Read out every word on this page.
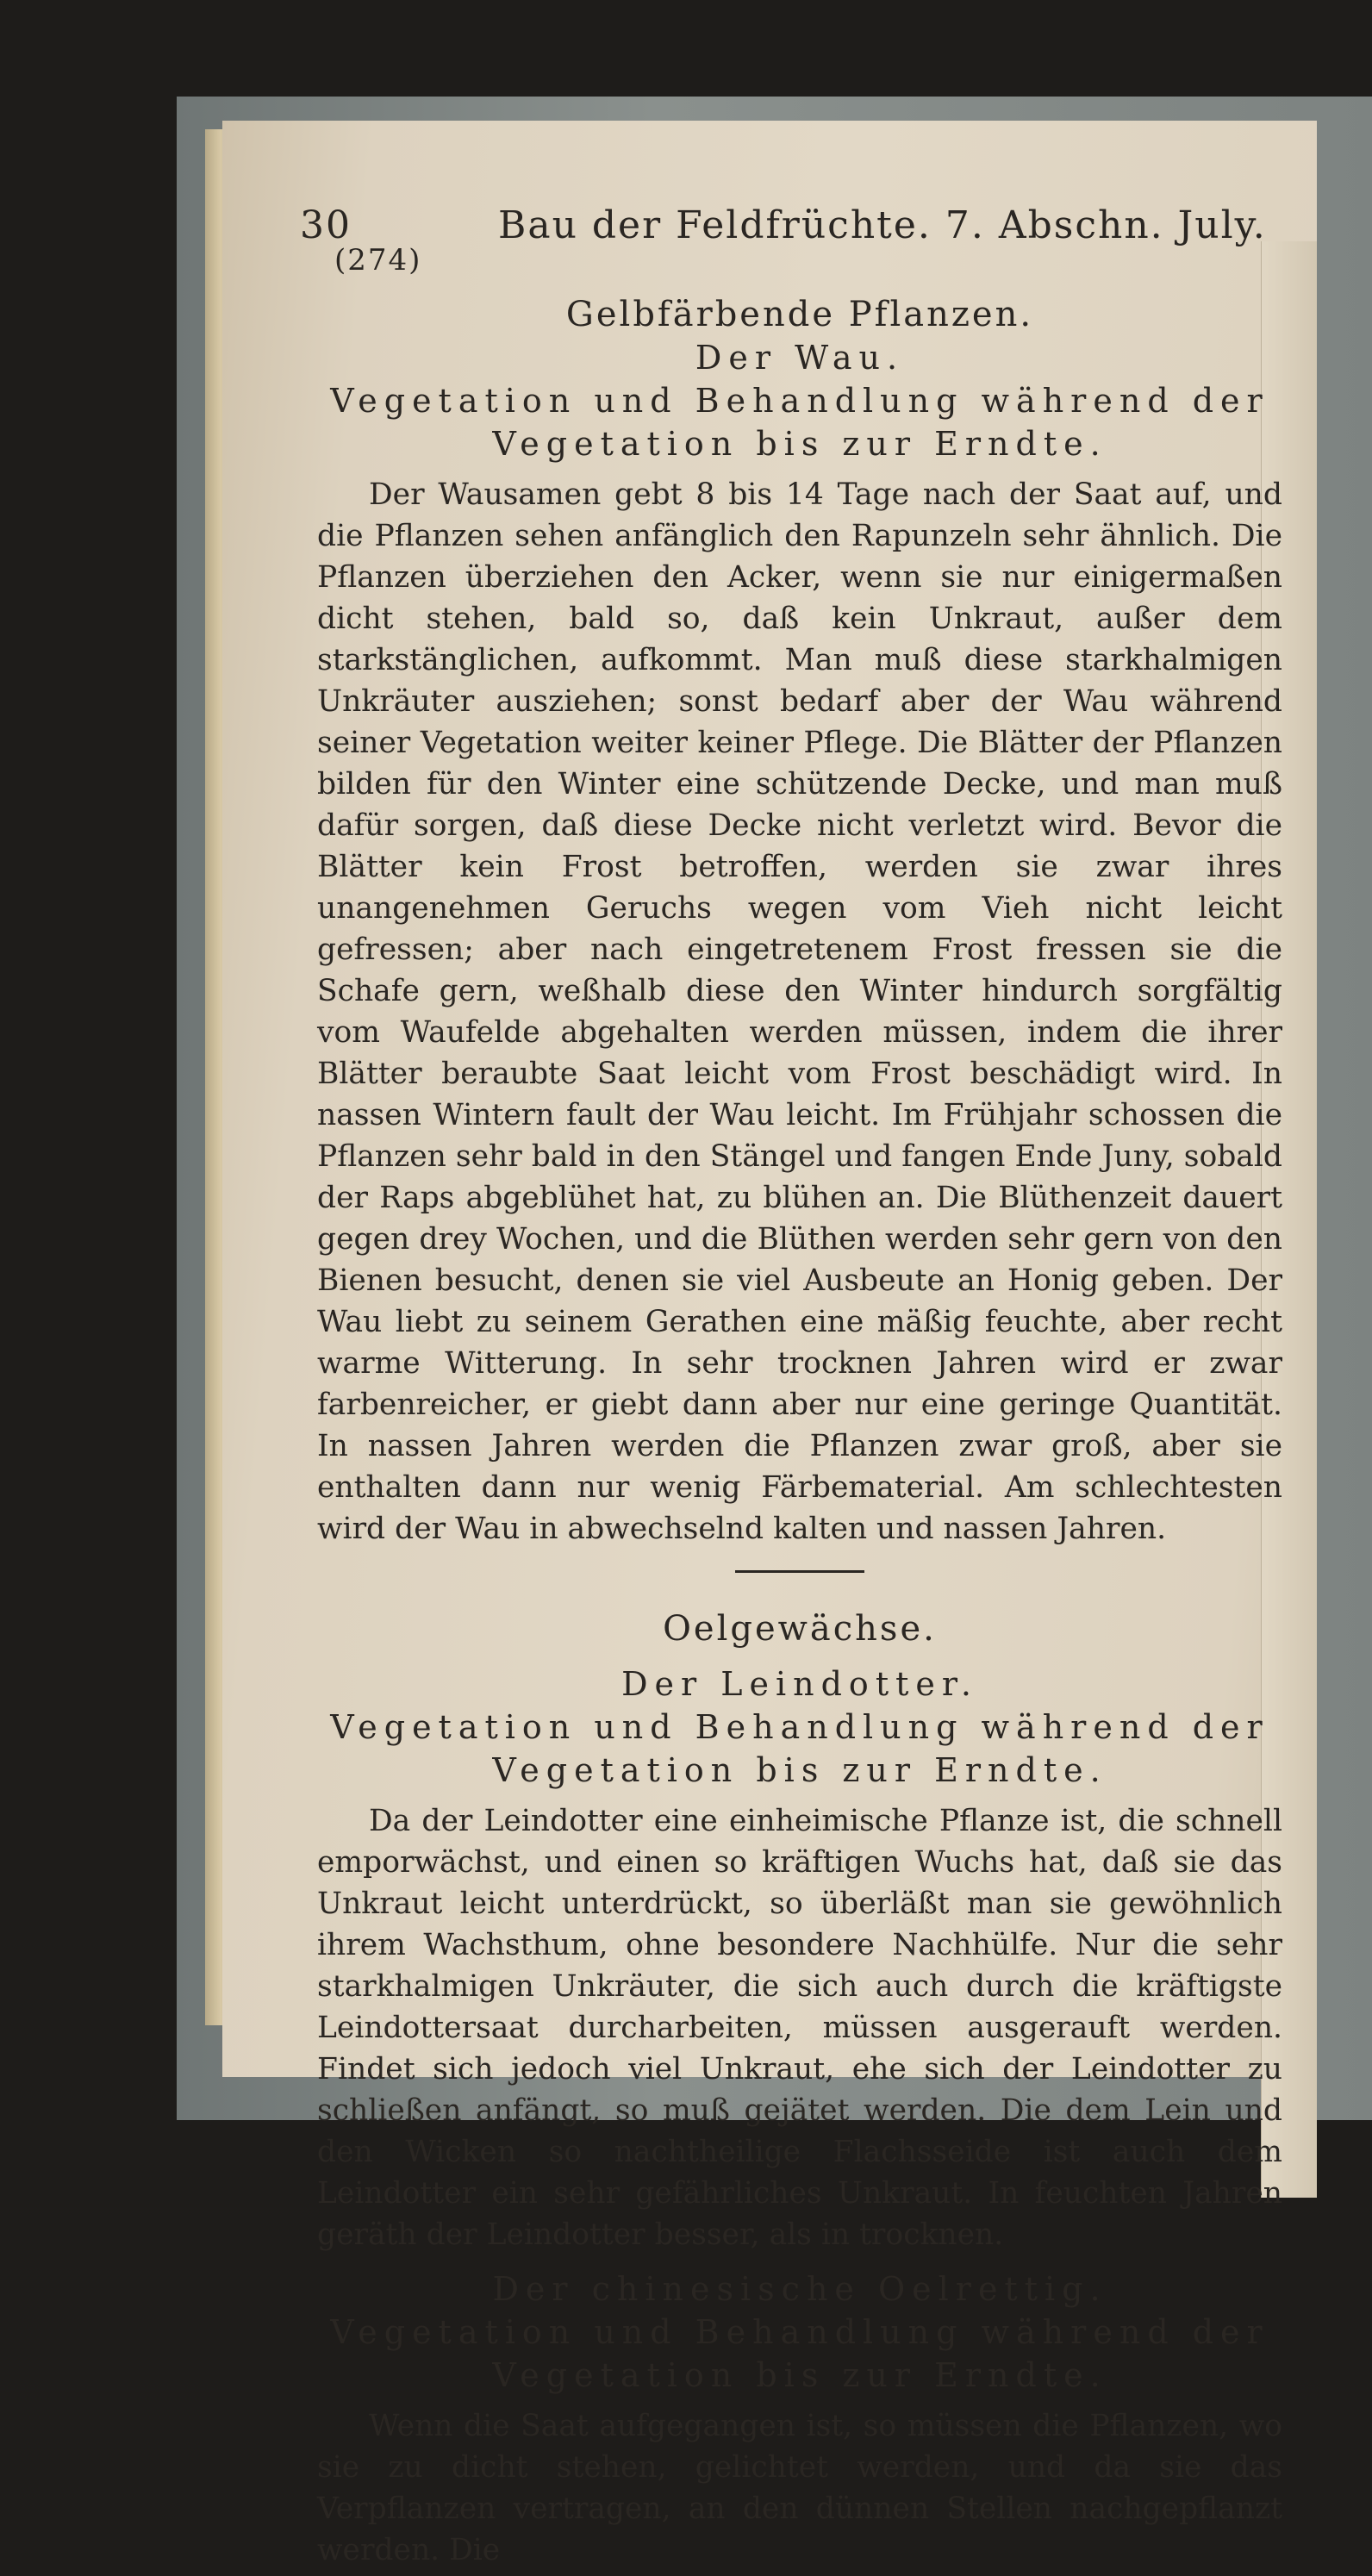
30	Bau der Feldfrüchte. 7. Abschn. July.
(274)

Gelbfärbende Pflanzen.

Der Wau.

Vegetation und Behandlung während der Vegetation bis zur Erndte.

Der Wausamen gebt 8 bis 14 Tage nach der Saat auf, und die Pflanzen sehen anfänglich den Rapunzeln sehr ähnlich. Die Pflanzen überziehen den Acker, wenn sie nur einigermaßen dicht stehen, bald so, daß kein Unkraut, außer dem starkstänglichen, aufkommt. Man muß diese starkhalmigen Unkräuter ausziehen; sonst bedarf aber der Wau während seiner Vegetation weiter keiner Pflege. Die Blätter der Pflanzen bilden für den Winter eine schützende Decke, und man muß dafür sorgen, daß diese Decke nicht verletzt wird. Bevor die Blätter kein Frost betroffen, werden sie zwar ihres unangenehmen Geruchs wegen vom Vieh nicht leicht gefressen; aber nach eingetretenem Frost fressen sie die Schafe gern, weßhalb diese den Winter hindurch sorgfältig vom Waufelde abgehalten werden müssen, indem die ihrer Blätter beraubte Saat leicht vom Frost beschädigt wird. In nassen Wintern fault der Wau leicht. Im Frühjahr schossen die Pflanzen sehr bald in den Stängel und fangen Ende Juny, sobald der Raps abgeblühet hat, zu blühen an. Die Blüthenzeit dauert gegen drey Wochen, und die Blüthen werden sehr gern von den Bienen besucht, denen sie viel Ausbeute an Honig geben. Der Wau liebt zu seinem Gerathen eine mäßig feuchte, aber recht warme Witterung. In sehr trocknen Jahren wird er zwar farbenreicher, er giebt dann aber nur eine geringe Quantität. In nassen Jahren werden die Pflanzen zwar groß, aber sie enthalten dann nur wenig Färbematerial. Am schlechtesten wird der Wau in abwechselnd kalten und nassen Jahren.

Oelgewächse.

Der Leindotter.

Vegetation und Behandlung während der Vegetation bis zur Erndte.

Da der Leindotter eine einheimische Pflanze ist, die schnell emporwächst, und einen so kräftigen Wuchs hat, daß sie das Unkraut leicht unterdrückt, so überläßt man sie gewöhnlich ihrem Wachsthum, ohne besondere Nachhülfe. Nur die sehr starkhalmigen Unkräuter, die sich auch durch die kräftigste Leindottersaat durcharbeiten, müssen ausgerauft werden. Findet sich jedoch viel Unkraut, ehe sich der Leindotter zu schließen anfängt, so muß gejätet werden. Die dem Lein und den Wicken so nachtheilige Flachsseide ist auch dem Leindotter ein sehr gefährliches Unkraut. In feuchten Jahren geräth der Leindotter besser, als in trocknen.

Der chinesische Oelrettig.

Vegetation und Behandlung während der Vegetation bis zur Erndte.

Wenn die Saat aufgegangen ist, so müssen die Pflanzen, wo sie zu dicht stehen, gelichtet werden, und da sie das Verpflanzen vertragen, an den dünnen Stellen nachgepflanzt werden. Die
